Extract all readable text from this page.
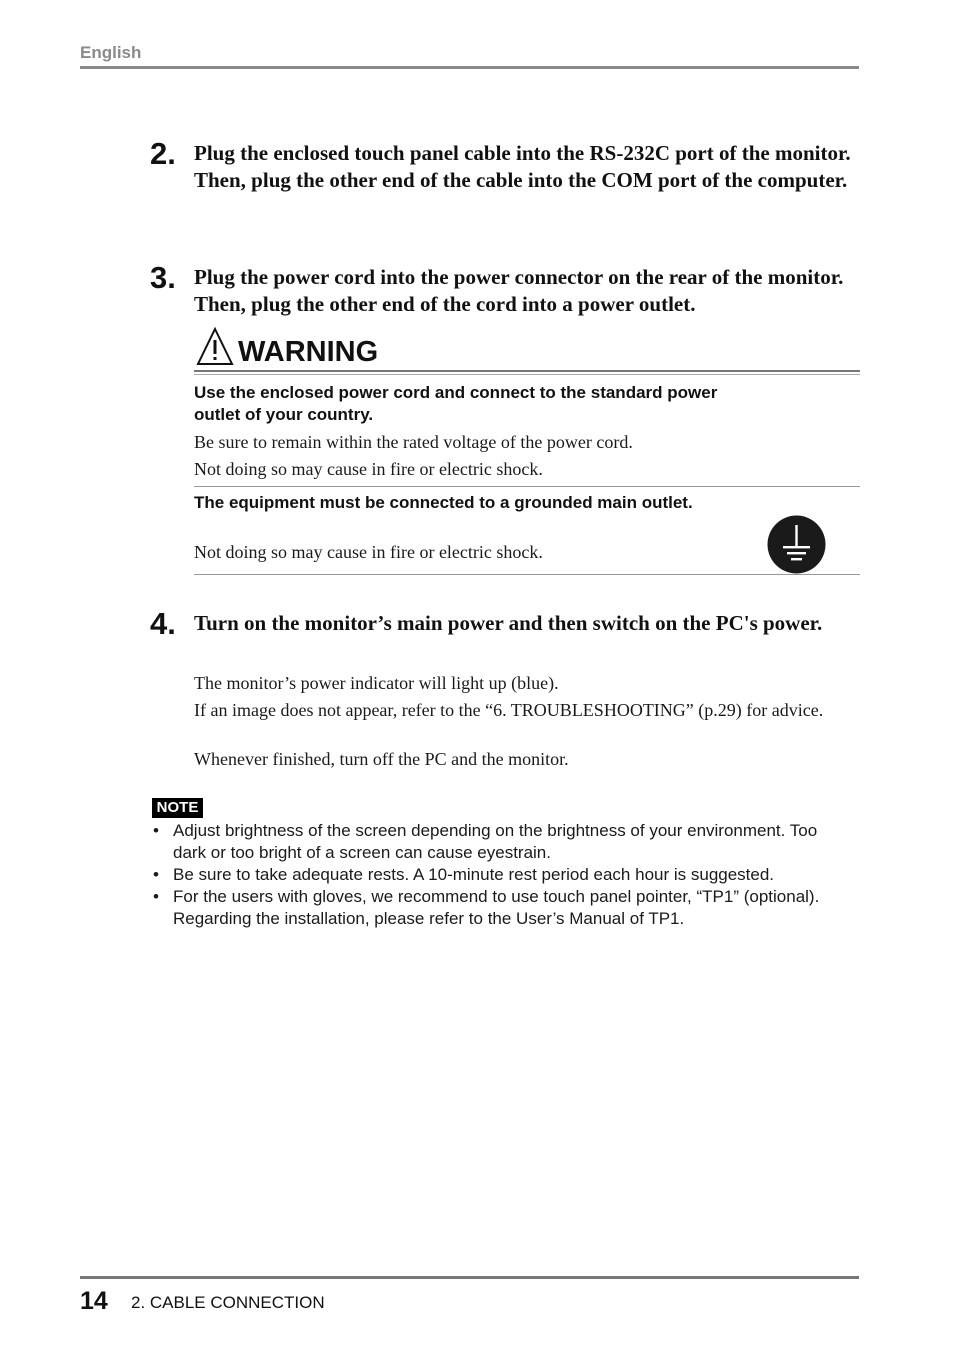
English
2. Plug the enclosed touch panel cable into the RS-232C port of the monitor. Then, plug the other end of the cable into the COM port of the computer.
3. Plug the power cord into the power connector on the rear of the monitor. Then, plug the other end of the cord into a power outlet.
WARNING
Use the enclosed power cord and connect to the standard power outlet of your country.
Be sure to remain within the rated voltage of the power cord.
Not doing so may cause in fire or electric shock.
The equipment must be connected to a grounded main outlet.
Not doing so may cause in fire or electric shock.
4. Turn on the monitor’s main power and then switch on the PC's power.
The monitor’s power indicator will light up (blue).
If an image does not appear, refer to the “6. TROUBLESHOOTING” (p.29) for advice.
Whenever finished, turn off the PC and the monitor.
NOTE
• Adjust brightness of the screen depending on the brightness of your environment. Too dark or too bright of a screen can cause eyestrain.
• Be sure to take adequate rests. A 10-minute rest period each hour is suggested.
• For the users with gloves, we recommend to use touch panel pointer, “TP1” (optional). Regarding the installation, please refer to the User’s Manual of TP1.
14 2. CABLE CONNECTION
